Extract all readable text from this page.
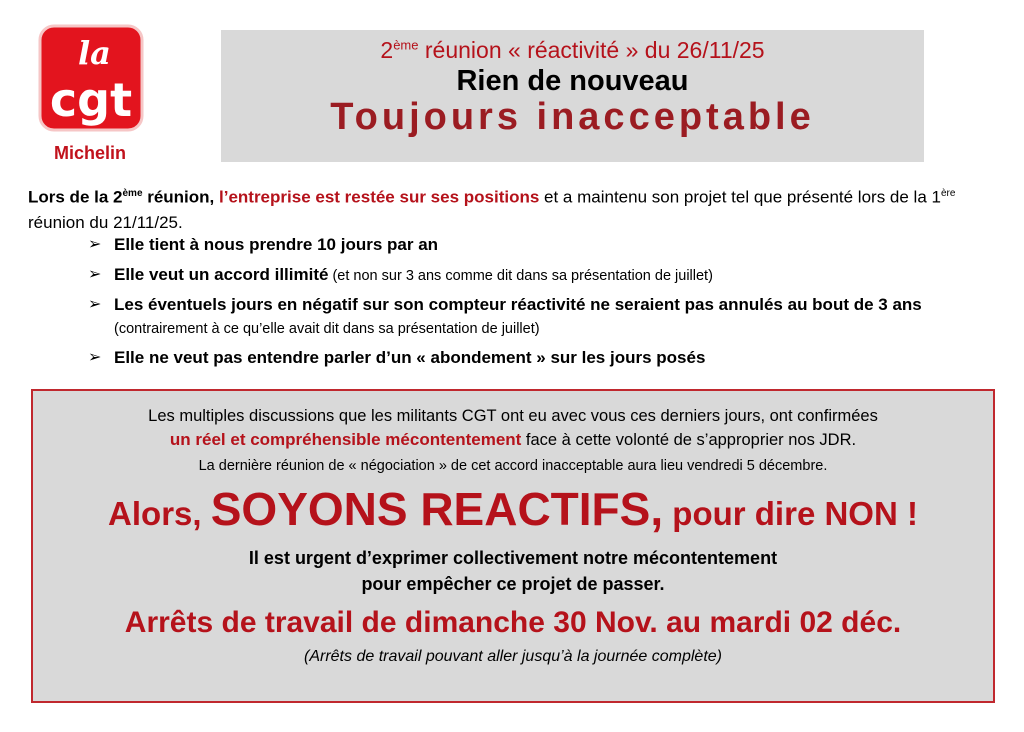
la
cgt
Michelin
2ème réunion « réactivité » du 26/11/25
Rien de nouveau
Toujours inacceptable
Lors de la 2ème réunion, l’entreprise est restée sur ses positions et a maintenu son projet tel que présenté lors de la 1ère réunion du 21/11/25.
➢ Elle tient à nous prendre 10 jours par an
➢ Elle veut un accord illimité (et non sur 3 ans comme dit dans sa présentation de juillet)
➢ Les éventuels jours en négatif sur son compteur réactivité ne seraient pas annulés au bout de 3 ans (contrairement à ce qu’elle avait dit dans sa présentation de juillet)
➢ Elle ne veut pas entendre parler d’un « abondement » sur les jours posés
Les multiples discussions que les militants CGT ont eu avec vous ces derniers jours, ont confirmées
un réel et compréhensible mécontentement face à cette volonté de s’approprier nos JDR.
La dernière réunion de « négociation » de cet accord inacceptable aura lieu vendredi 5 décembre.
Alors, SOYONS REACTIFS, pour dire NON !
Il est urgent d’exprimer collectivement notre mécontentement
pour empêcher ce projet de passer.
Arrêts de travail de dimanche 30 Nov. au mardi 02 déc.
(Arrêts de travail pouvant aller jusqu’à la journée complète)
